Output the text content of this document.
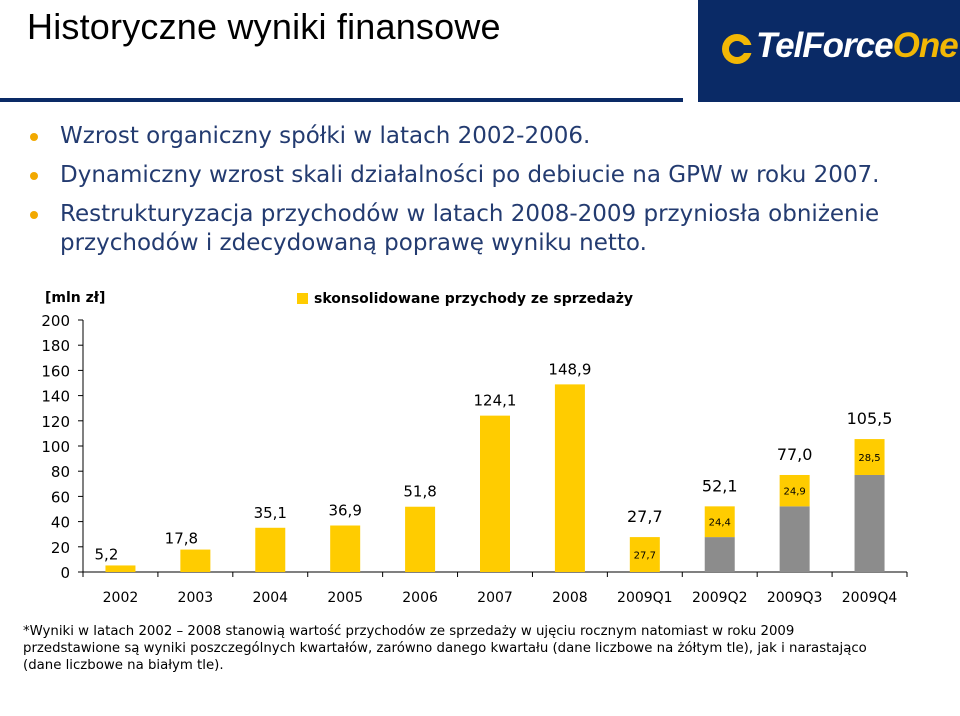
Historyczne wyniki finansowe	TelForceOne
Wzrost organiczny spółki w latach 2002-2006.
Dynamiczny wzrost skali działalności po debiucie na GPW w roku 2007.
Restrukturyzacja przychodów w latach 2008-2009 przyniosła obniżenie
przychodów i zdecydowaną poprawę wyniku netto.
[mln zł]	skonsolidowane przychody ze sprzedaży
0
20
40
60
80
100
120
140
160
180
200
2002
5,2
2003
17,8
2004
35,1
2005
36,9
2006
51,8
2007
124,1
2008
148,9
2009Q1
27,7
27,7
2009Q2
24,4
52,1
2009Q3
24,9
77,0
2009Q4
28,5
105,5
*Wyniki w latach 2002 – 2008 stanowią wartość przychodów ze sprzedaży w ujęciu rocznym natomiast w roku 2009
przedstawione są wyniki poszczególnych kwartałów, zarówno danego kwartału (dane liczbowe na żółtym tle), jak i narastająco
(dane liczbowe na białym tle).
